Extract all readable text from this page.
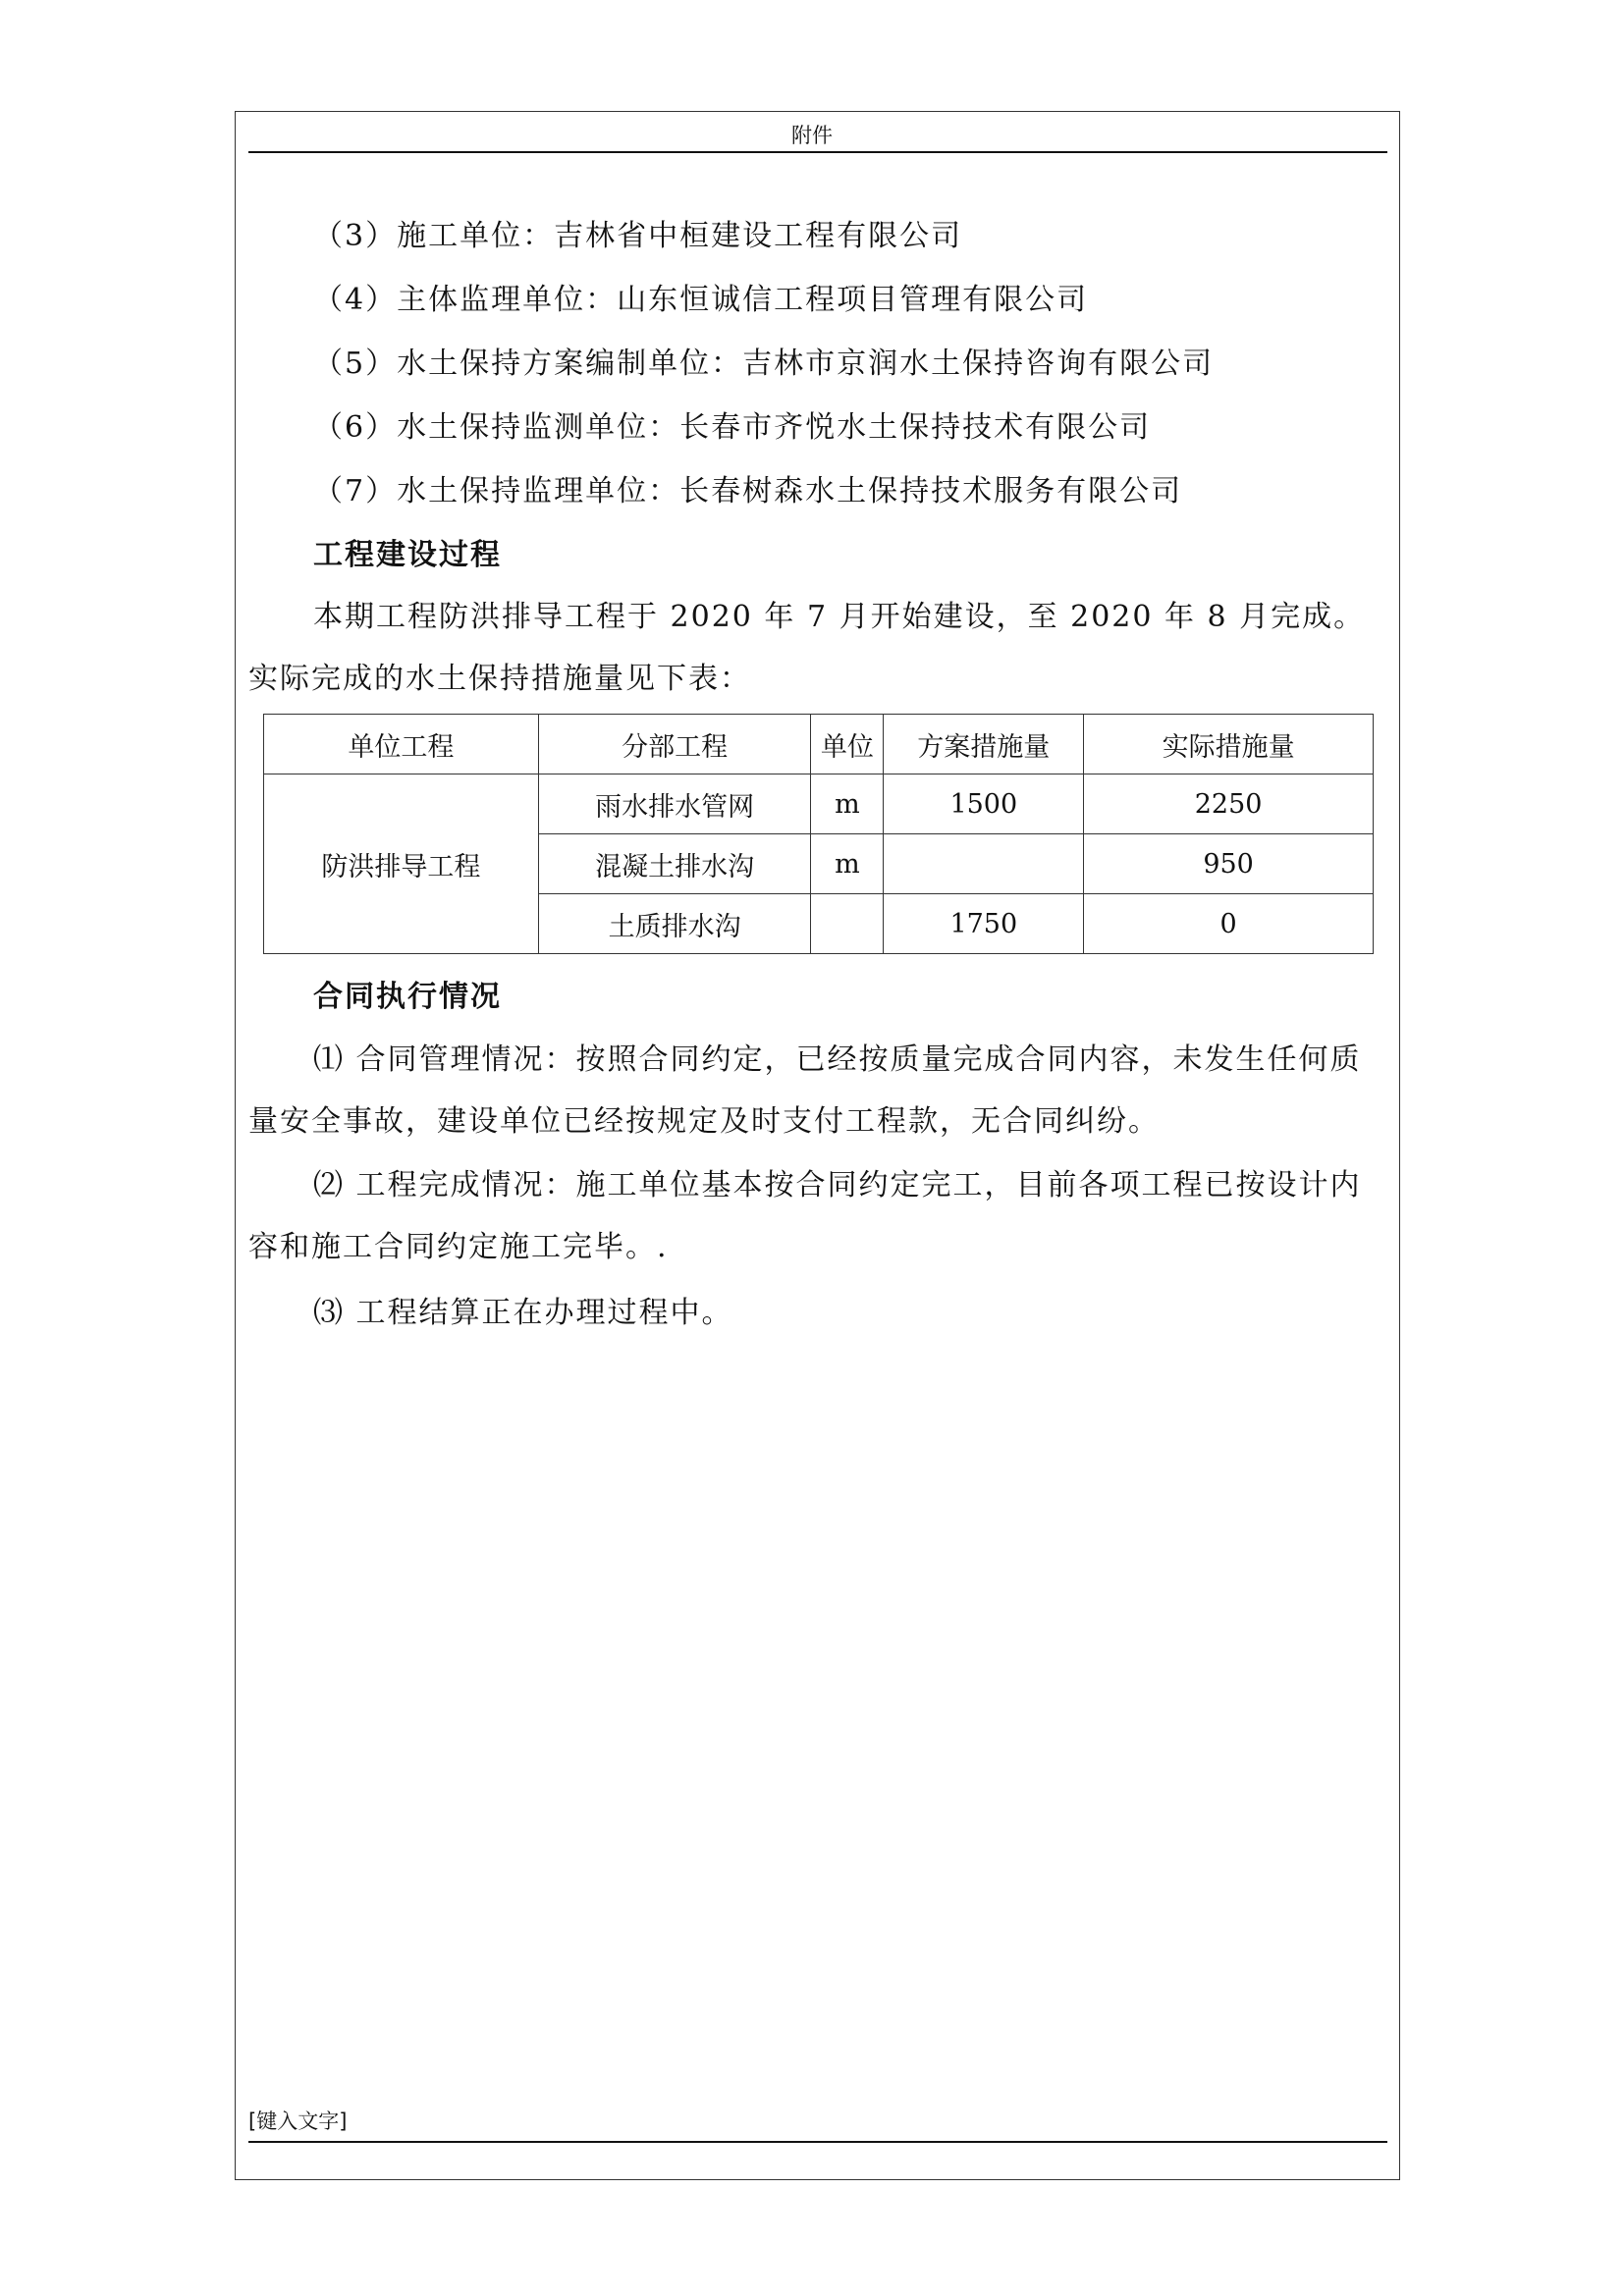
附件
（3）施工单位：吉林省中桓建设工程有限公司
（4）主体监理单位：山东恒诚信工程项目管理有限公司
（5）水土保持方案编制单位：吉林市京润水土保持咨询有限公司
（6）水土保持监测单位：长春市齐悦水土保持技术有限公司
（7）水土保持监理单位：长春树森水土保持技术服务有限公司
工程建设过程
本期工程防洪排导工程于 2020 年 7 月开始建设，至 2020 年 8 月完成。实际完成的水土保持措施量见下表：
单位工程	分部工程	单位	方案措施量	实际措施量
防洪排导工程	雨水排水管网	m	1500	2250
	混凝土排水沟	m		950
	土质排水沟		1750	0
合同执行情况
⑴ 合同管理情况：按照合同约定，已经按质量完成合同内容，未发生任何质量安全事故，建设单位已经按规定及时支付工程款，无合同纠纷。
⑵ 工程完成情况：施工单位基本按合同约定完工，目前各项工程已按设计内容和施工合同约定施工完毕。.
⑶ 工程结算正在办理过程中。
[键入文字]
